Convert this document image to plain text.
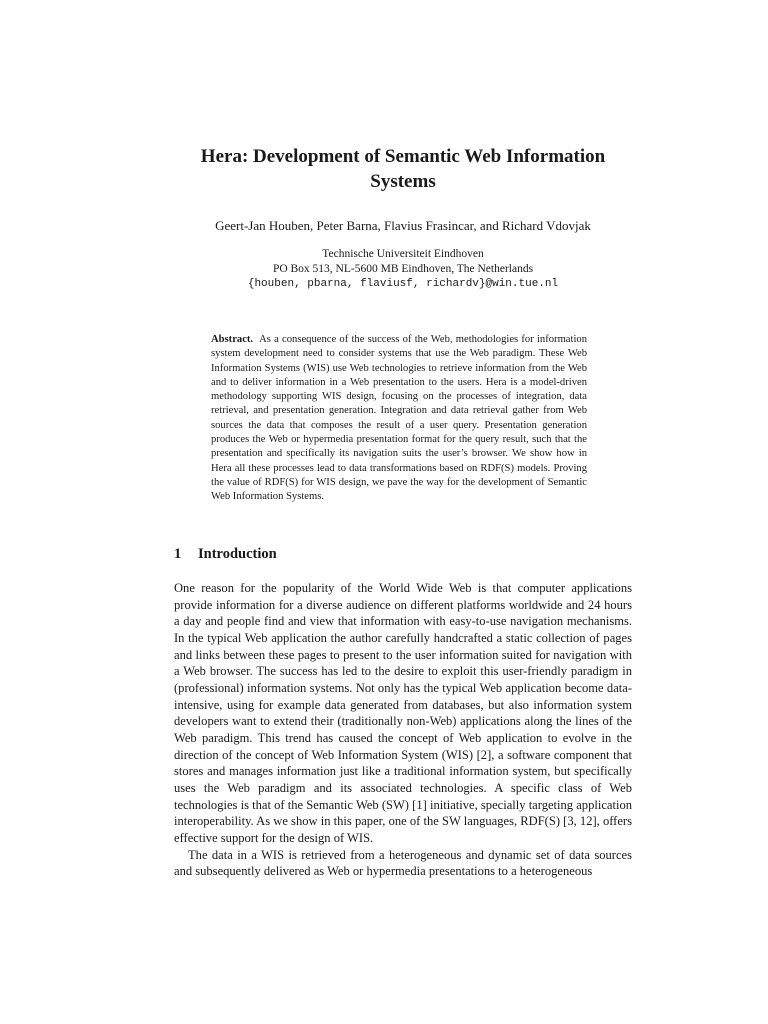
Hera: Development of Semantic Web Information Systems

Geert-Jan Houben, Peter Barna, Flavius Frasincar, and Richard Vdovjak

Technische Universiteit Eindhoven
PO Box 513, NL-5600 MB Eindhoven, The Netherlands
{houben, pbarna, flaviusf, richardv}@win.tue.nl

Abstract. As a consequence of the success of the Web, methodologies for information system development need to consider systems that use the Web paradigm. These Web Information Systems (WIS) use Web technologies to retrieve information from the Web and to deliver information in a Web presentation to the users. Hera is a model-driven methodology supporting WIS design, focusing on the processes of integration, data retrieval, and presentation generation. Integration and data retrieval gather from Web sources the data that composes the result of a user query. Presentation generation produces the Web or hypermedia presentation format for the query result, such that the presentation and specifically its navigation suits the user’s browser. We show how in Hera all these processes lead to data transformations based on RDF(S) models. Proving the value of RDF(S) for WIS design, we pave the way for the development of Semantic Web Information Systems.

1 Introduction

One reason for the popularity of the World Wide Web is that computer applications provide information for a diverse audience on different platforms worldwide and 24 hours a day and people find and view that information with easy-to-use navigation mechanisms. In the typical Web application the author carefully handcrafted a static collection of pages and links between these pages to present to the user information suited for navigation with a Web browser. The success has led to the desire to exploit this user-friendly paradigm in (professional) information systems. Not only has the typical Web application become data-intensive, using for example data generated from databases, but also information system developers want to extend their (traditionally non-Web) applications along the lines of the Web paradigm. This trend has caused the concept of Web application to evolve in the direction of the concept of Web Information System (WIS) [2], a software component that stores and manages information just like a traditional information system, but specifically uses the Web paradigm and its associated technologies. A specific class of Web technologies is that of the Semantic Web (SW) [1] initiative, specially targeting application interoperability. As we show in this paper, one of the SW languages, RDF(S) [3, 12], offers effective support for the design of WIS.

The data in a WIS is retrieved from a heterogeneous and dynamic set of data sources and subsequently delivered as Web or hypermedia presentations to a heterogeneous
